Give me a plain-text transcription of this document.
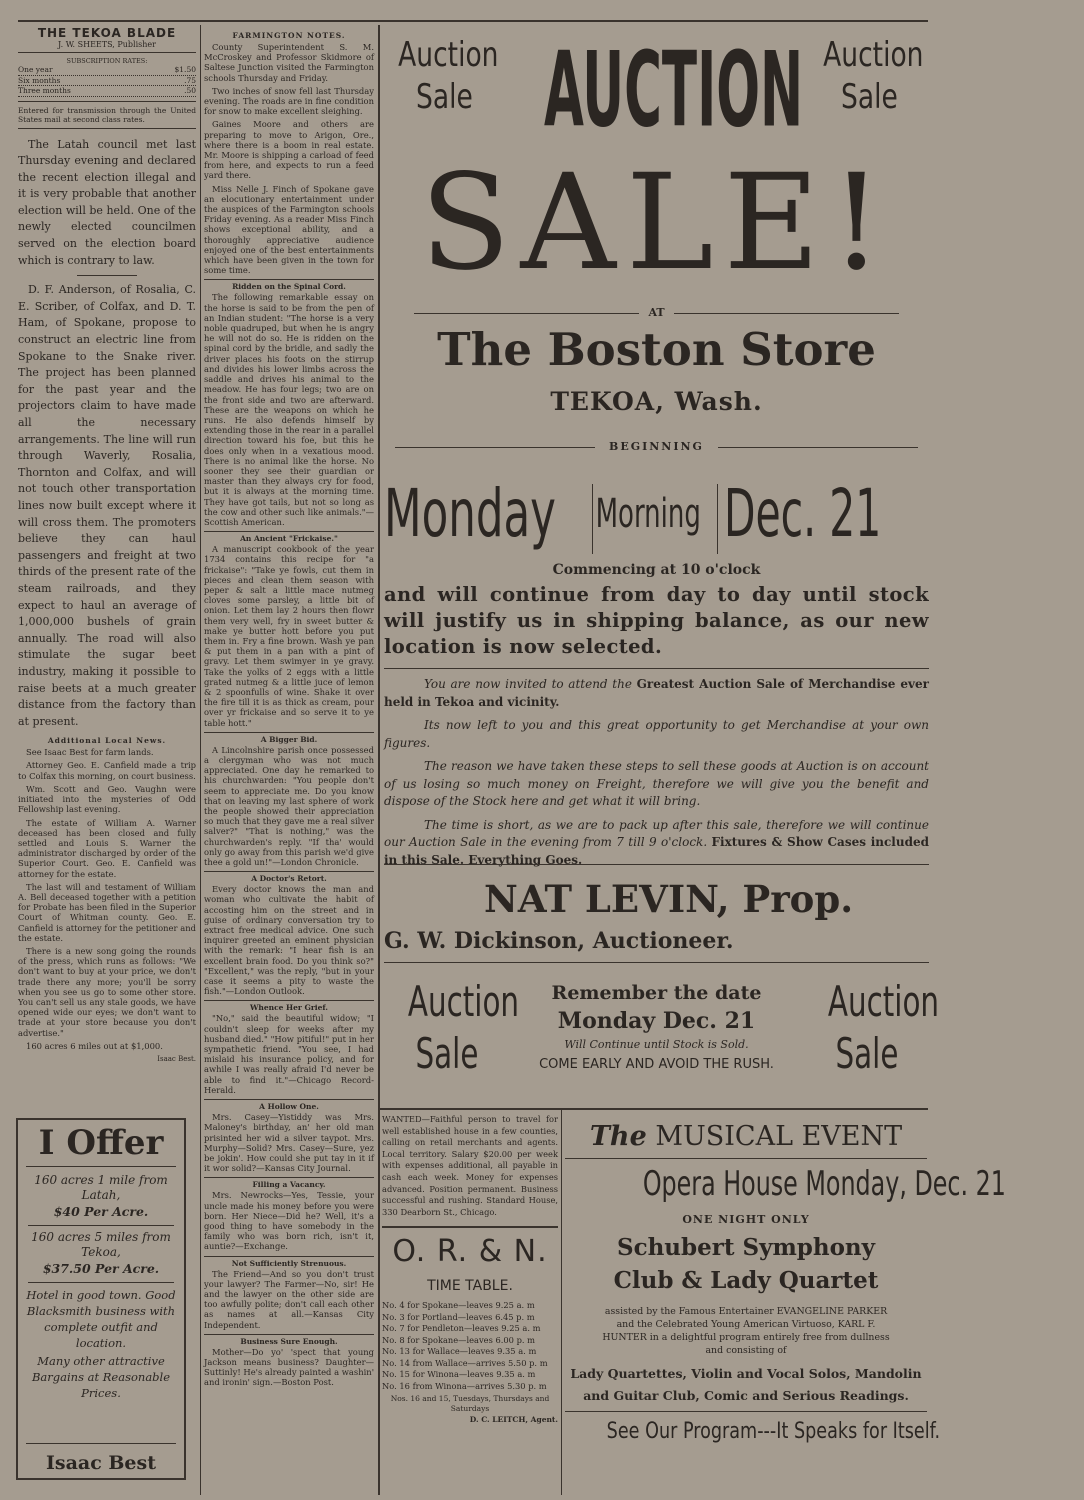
THE TEKOA BLADE
J. W. SHEETS, Publisher
SUBSCRIPTION RATES:
One year	$1.50
Six months	.75
Three months	.50
Entered for transmission through the United States mail at second class rates.

The Latah council met last Thursday evening and declared the recent election illegal and it is very probable that another election will be held. One of the newly elected councilmen served on the election board which is contrary to law.

D. F. Anderson, of Rosalia, C. E. Scriber, of Colfax, and D. T. Ham, of Spokane, propose to construct an electric line from Spokane to the Snake river. The project has been planned for the past year and the projectors claim to have made all the necessary arrangements. The line will run through Waverly, Rosalia, Thornton and Colfax, and will not touch other transportation lines now built except where it will cross them. The promoters believe they can haul passengers and freight at two thirds of the present rate of the steam railroads, and they expect to haul an average of 1,000,000 bushels of grain annually. The road will also stimulate the sugar beet industry, making it possible to raise beets at a much greater distance from the factory than at present.

Additional Local News.

See Isaac Best for farm lands.

Attorney Geo. E. Canfield made a trip to Colfax this morning, on court business.

Wm. Scott and Geo. Vaughn were initiated into the mysteries of Odd Fellowship last evening.

The estate of William A. Warner deceased has been closed and fully settled and Louis S. Warner the administrator discharged by order of the Superior Court. Geo. E. Canfield was attorney for the estate.

The last will and testament of William A. Bell deceased together with a petition for Probate has been filed in the Superior Court of Whitman county. Geo. E. Canfield is attorney for the petitioner and the estate.

There is a new song going the rounds of the press, which runs as follows: "We don't want to buy at your price, we don't trade there any more; you'll be sorry when you see us go to some other store. You can't sell us any stale goods, we have opened wide our eyes; we don't want to trade at your store because you don't advertise."

160 acres 6 miles out at $1,000.

Isaac Best.
I Offer
160 acres 1 mile from Latah,
$40 Per Acre.
160 acres 5 miles from Tekoa,
$37.50 Per Acre.
Hotel in good town. Good Blacksmith business with complete outfit and location.
Many other attractive Bargains at Reasonable Prices.
Isaac Best
FARMINGTON NOTES.

County Superintendent S. M. McCroskey and Professor Skidmore of Saltese Junction visited the Farmington schools Thursday and Friday.

Two inches of snow fell last Thursday evening. The roads are in fine condition for snow to make excellent sleighing.

Gaines Moore and others are preparing to move to Arigon, Ore., where there is a boom in real estate. Mr. Moore is shipping a carload of feed from here, and expects to run a feed yard there.

Miss Nelle J. Finch of Spokane gave an elocutionary entertainment under the auspices of the Farmington schools Friday evening. As a reader Miss Finch shows exceptional ability, and a thoroughly appreciative audience enjoyed one of the best entertainments which have been given in the town for some time.

Ridden on the Spinal Cord.

The following remarkable essay on the horse is said to be from the pen of an Indian student: "The horse is a very noble quadruped, but when he is angry he will not do so. He is ridden on the spinal cord by the bridle, and sadly the driver places his foots on the stirrup and divides his lower limbs across the saddle and drives his animal to the meadow. He has four legs; two are on the front side and two are afterward. These are the weapons on which he runs. He also defends himself by extending those in the rear in a parallel direction toward his foe, but this he does only when in a vexatious mood. There is no animal like the horse. No sooner they see their guardian or master than they always cry for food, but it is always at the morning time. They have got tails, but not so long as the cow and other such like animals."—Scottish American.

An Ancient "Frickaise."

A manuscript cookbook of the year 1734 contains this recipe for "a frickaise": "Take ye fowls, cut them in pieces and clean them season with peper & salt a little mace nutmeg cloves some parsley, a little bit of onion. Let them lay 2 hours then flowr them very well, fry in sweet butter & make ye butter hott before you put them in. Fry a fine brown. Wash ye pan & put them in a pan with a pint of gravy. Let them swimyer in ye gravy. Take the yolks of 2 eggs with a little grated nutmeg & a little juce of lemon & 2 spoonfulls of wine. Shake it over the fire till it is as thick as cream, pour over yr frickaise and so serve it to ye table hott."

A Bigger Bid.

A Lincolnshire parish once possessed a clergyman who was not much appreciated. One day he remarked to his churchwarden: "You people don't seem to appreciate me. Do you know that on leaving my last sphere of work the people showed their appreciation so much that they gave me a real silver salver?" "That is nothing," was the churchwarden's reply. "If tha' would only go away from this parish we'd give thee a gold un!"—London Chronicle.

A Doctor's Retort.

Every doctor knows the man and woman who cultivate the habit of accosting him on the street and in guise of ordinary conversation try to extract free medical advice. One such inquirer greeted an eminent physician with the remark: "I hear fish is an excellent brain food. Do you think so?" "Excellent," was the reply, "but in your case it seems a pity to waste the fish."—London Outlook.

Whence Her Grief.

"No," said the beautiful widow; "I couldn't sleep for weeks after my husband died." "How pitiful!" put in her sympathetic friend. "You see, I had mislaid his insurance policy, and for awhile I was really afraid I'd never be able to find it."—Chicago Record-Herald.

A Hollow One.

Mrs. Casey—Yistiddy was Mrs. Maloney's birthday, an' her old man prisinted her wid a silver taypot. Mrs. Murphy—Solid? Mrs. Casey—Sure, yez be jokin'. How could she put tay in it if it wor solid?—Kansas City Journal.

Filling a Vacancy.

Mrs. Newrocks—Yes, Tessie, your uncle made his money before you were born. Her Niece—Did he? Well, it's a good thing to have somebody in the family who was born rich, isn't it, auntie?—Exchange.

Not Sufficiently Strenuous.

The Friend—And so you don't trust your lawyer? The Farmer—No, sir! He and the lawyer on the other side are too awfully polite; don't call each other as names at all.—Kansas City Independent.

Business Sure Enough.

Mother—Do yo' 'spect that young Jackson means business? Daughter—Suttinly! He's already painted a washin' and ironin' sign.—Boston Post.

Auction
Sale AUCTION Auction
Sale
SALE!
AT
The Boston Store
TEKOA, Wash.
BEGINNING
Monday Morning Dec. 21
Commencing at 10 o'clock
and will continue from day to day until stock will justify us in shipping balance, as our new location is now selected.

You are now invited to attend the Greatest Auction Sale of Merchandise ever held in Tekoa and vicinity.

Its now left to you and this great opportunity to get Merchandise at your own figures.

The reason we have taken these steps to sell these goods at Auction is on account of us losing so much money on Freight, therefore we will give you the benefit and dispose of the Stock here and get what it will bring.

The time is short, as we are to pack up after this sale, therefore we will continue our Auction Sale in the evening from 7 till 9 o'clock. Fixtures & Show Cases included in this Sale. Everything Goes.

NAT LEVIN, Prop.
G. W. Dickinson, Auctioneer.
Auction
Sale
Remember the date
Monday Dec. 21
Will Continue until Stock is Sold.
COME EARLY AND AVOID THE RUSH.
Auction
Sale
WANTED—Faithful person to travel for well established house in a few counties, calling on retail merchants and agents. Local territory. Salary $20.00 per week with expenses additional, all payable in cash each week. Money for expenses advanced. Position permanent. Business successful and rushing. Standard House, 330 Dearborn St., Chicago.
O. R. & N.
TIME TABLE.
No. 4 for Spokane—leaves 9.25 a. m
No. 3 for Portland—leaves 6.45 p. m
No. 7 for Pendleton—leaves 9.25 a. m
No. 8 for Spokane—leaves 6.00 p. m
No. 13 for Wallace—leaves 9.35 a. m
No. 14 from Wallace—arrives 5.50 p. m
No. 15 for Winona—leaves 9.35 a. m
No. 16 from Winona—arrives 5.30 p. m
Nos. 16 and 15, Tuesdays, Thursdays and Saturdays
D. C. LEITCH, Agent.
The MUSICAL EVENT
Opera House Monday, Dec. 21
ONE NIGHT ONLY
Schubert Symphony
Club & Lady Quartet
assisted by the Famous Entertainer EVANGELINE PARKER and the Celebrated Young American Virtuoso, KARL F. HUNTER in a delightful program entirely free from dullness and consisting of
Lady Quartettes, Violin and Vocal Solos, Mandolin and Guitar Club, Comic and Serious Readings.
See Our Program---It Speaks for Itself.
